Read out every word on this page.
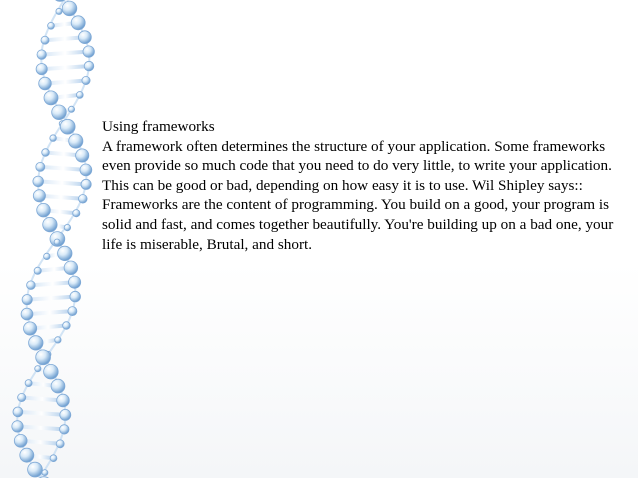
Using frameworks

A framework often determines the structure of your application. Some frameworks even provide so much code that you need to do very little, to write your application.

This can be good or bad, depending on how easy it is to use. Wil Shipley says::

Frameworks are the content of programming. You build on a good, your program is solid and fast, and comes together beautifully. You're building up on a bad one, your life is miserable, Brutal, and short.
